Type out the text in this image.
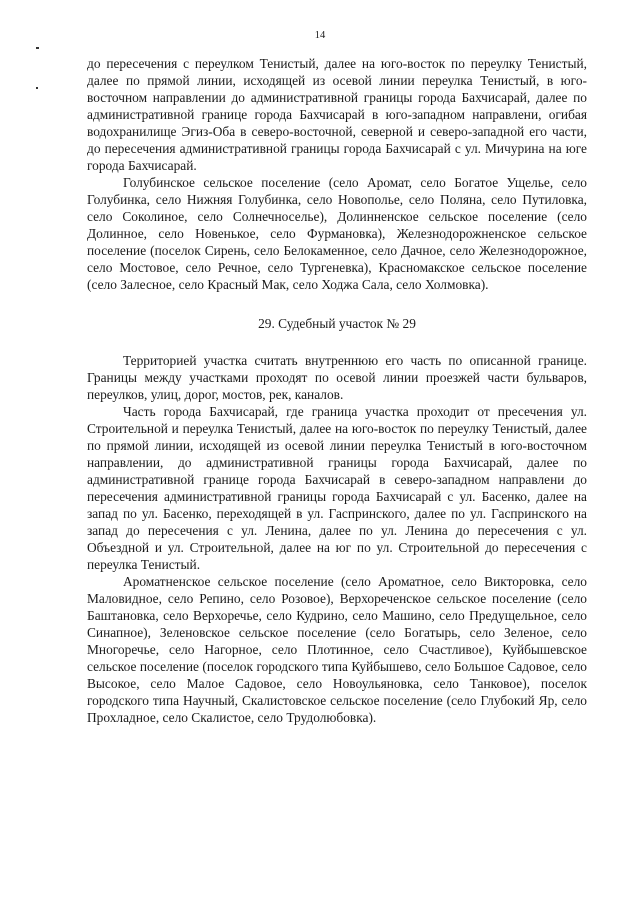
14

до пересечения с переулком Тенистый, далее на юго-восток по переулку Тенистый, далее по прямой линии, исходящей из осевой линии переулка Тенистый, в юго-восточном направлении до административной границы города Бахчисарай, далее по административной границе города Бахчисарай в юго-западном направлени, огибая водохранилище Эгиз-Оба в северо-восточной, северной и северо-западной его части, до пересечения административной границы города Бахчисарай с ул. Мичурина на юге города Бахчисарай.

Голубинское сельское поселение (село Аромат, село Богатое Ущелье, село Голубинка, село Нижняя Голубинка, село Новополье, село Поляна, село Путиловка, село Соколиное, село Солнечноселье), Долинненское сельское поселение (село Долинное, село Новенькое, село Фурмановка), Железнодорожненское сельское поселение (поселок Сирень, село Белокаменное, село Дачное, село Железнодорожное, село Мостовое, село Речное, село Тургеневка), Красномакское сельское поселение (село Залесное, село Красный Мак, село Ходжа Сала, село Холмовка).

29. Судебный участок № 29

Территорией участка считать внутреннюю его часть по описанной границе. Границы между участками проходят по осевой линии проезжей части бульваров, переулков, улиц, дорог, мостов, рек, каналов.

Часть города Бахчисарай, где граница участка проходит от пресечения ул. Строительной и переулка Тенистый, далее на юго-восток по переулку Тенистый, далее по прямой линии, исходящей из осевой линии переулка Тенистый в юго-восточном направлении, до административной границы города Бахчисарай, далее по административной границе города Бахчисарай в северо-западном направлени до пересечения административной границы города Бахчисарай с ул. Басенко, далее на запад по ул. Басенко, переходящей в ул. Гаспринского, далее по ул. Гаспринского на запад до пересечения с ул. Ленина, далее по ул. Ленина до пересечения с ул. Объездной и ул. Строительной, далее на юг по ул. Строительной до пересечения с переулка Тенистый.

Ароматненское сельское поселение (село Ароматное, село Викторовка, село Маловидное, село Репино, село Розовое), Верхореченское сельское поселение (село Баштановка, село Верхоречье, село Кудрино, село Машино, село Предущельное, село Синапное), Зеленовское сельское поселение (село Богатырь, село Зеленое, село Многоречье, село Нагорное, село Плотинное, село Счастливое), Куйбышевское сельское поселение (поселок городского типа Куйбышево, село Большое Садовое, село Высокое, село Малое Садовое, село Новоульяновка, село Танковое), поселок городского типа Научный, Скалистовское сельское поселение (село Глубокий Яр, село Прохладное, село Скалистое, село Трудолюбовка).
